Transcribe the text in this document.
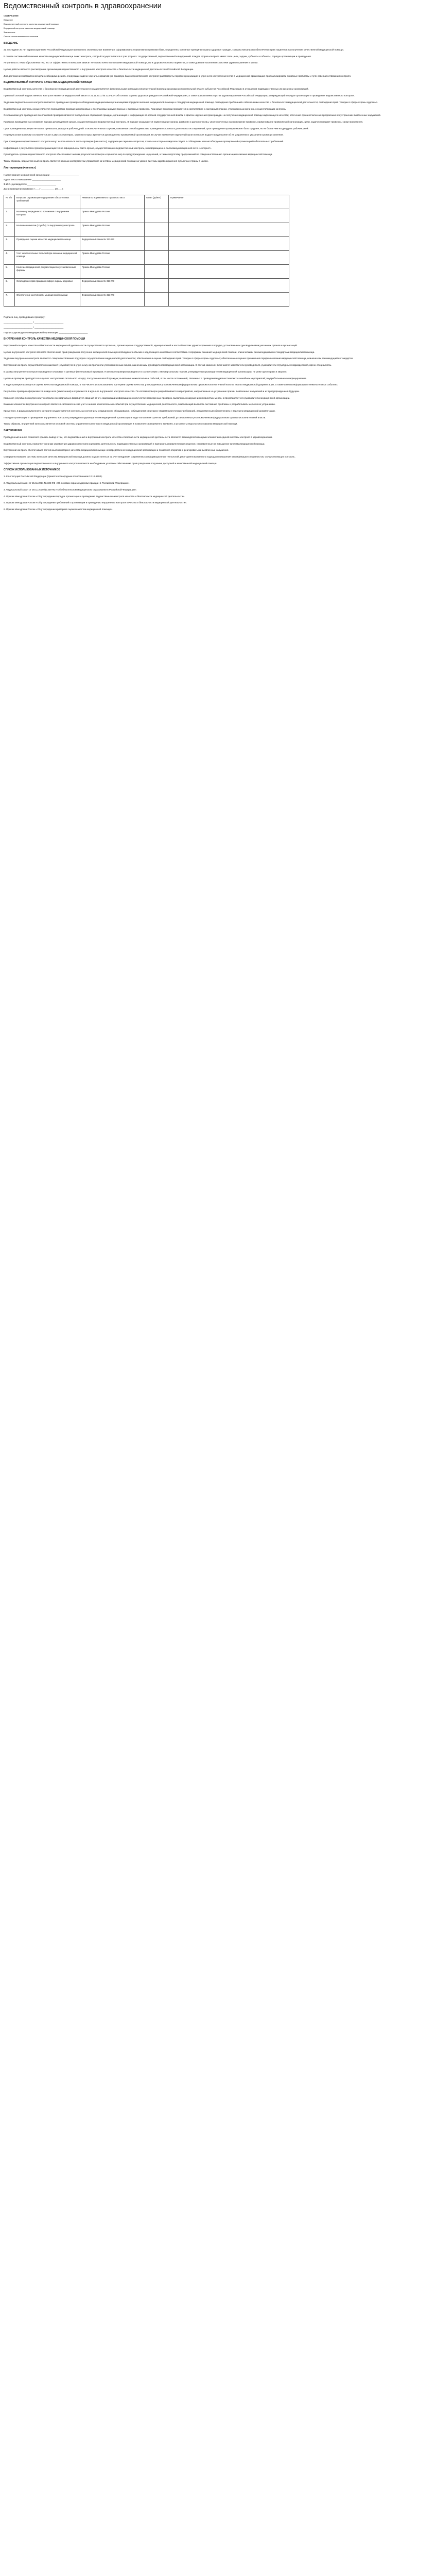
Ведомственный контроль в здравоохранении
СОДЕРЖАНИЕ
Введение
Ведомственный контроль качества медицинской помощи
Внутренний контроль качества медицинской помощи
Заключение
Список использованных источников
ВВЕДЕНИЕ

За последние 20 лет здравоохранение Российской Федерации претерпело значительные изменения: сформирована нормативная правовая база, определены основные принципы охраны здоровья граждан, созданы механизмы обеспечения прав пациентов на получение качественной медицинской помощи.

В основе системы обеспечения качества медицинской помощи лежит контроль, который осуществляется в трех формах: государственный, ведомственный и внутренний. Каждая форма контроля имеет свои цели, задачи, субъекты и объекты, порядок организации и проведения.

Актуальность темы обусловлена тем, что от эффективности контроля зависит не только качество оказания медицинской помощи, но и здоровье и жизнь пациентов, а также доверие населения к системе здравоохранения в целом.

Целью работы является рассмотрение организации ведомственного и внутреннего контроля качества и безопасности медицинской деятельности в Российской Федерации.

Для достижения поставленной цели необходимо решить следующие задачи: изучить нормативную правовую базу ведомственного контроля; рассмотреть порядок организации внутреннего контроля качества в медицинской организации; проанализировать основные проблемы и пути совершенствования контроля.

ВЕДОМСТВЕННЫЙ КОНТРОЛЬ КАЧЕСТВА МЕДИЦИНСКОЙ ПОМОЩИ

Ведомственный контроль качества и безопасности медицинской деятельности осуществляется федеральными органами исполнительной власти и органами исполнительной власти субъектов Российской Федерации в отношении подведомственных им органов и организаций.

Правовой основой ведомственного контроля являются Федеральный закон от 21.11.2011 № 323-ФЗ «Об основах охраны здоровья граждан в Российской Федерации», а также приказ Министерства здравоохранения Российской Федерации, утверждающий порядок организации и проведения ведомственного контроля.

Задачами ведомственного контроля являются: проведение проверок соблюдения медицинскими организациями порядков оказания медицинской помощи и стандартов медицинской помощи; соблюдения требований к обеспечению качества и безопасности медицинской деятельности; соблюдения прав граждан в сфере охраны здоровья.

Ведомственный контроль осуществляется посредством проведения плановых и внеплановых документарных и выездных проверок. Плановые проверки проводятся в соответствии с ежегодным планом, утвержденным органом, осуществляющим контроль.

Основаниями для проведения внеплановой проверки являются: поступление обращений граждан, организаций и информации от органов государственной власти о фактах нарушения прав граждан на получение медицинской помощи надлежащего качества; истечение срока исполнения предписания об устранении выявленных нарушений.

Проверка проводится на основании приказа руководителя органа, осуществляющего ведомственный контроль. В приказе указываются наименование органа, фамилии и должности лиц, уполномоченных на проведение проверки, наименование проверяемой организации, цели, задачи и предмет проверки, сроки проведения.

Срок проведения проверки не может превышать двадцати рабочих дней. В исключительных случаях, связанных с необходимостью проведения сложных и длительных исследований, срок проведения проверки может быть продлен, но не более чем на двадцать рабочих дней.

По результатам проверки составляется акт в двух экземплярах, один из которых вручается руководителю проверяемой организации. В случае выявления нарушений орган контроля выдает предписание об их устранении с указанием сроков устранения.

При проведении ведомственного контроля могут использоваться листы проверки (чек-листы), содержащие перечень вопросов, ответы на которые свидетельствуют о соблюдении или несоблюдении проверяемой организацией обязательных требований.

Информация о результатах проверок размещается на официальном сайте органа, осуществляющего ведомственный контроль, в информационно-телекоммуникационной сети «Интернет».

Руководитель органа ведомственного контроля обеспечивает анализ результатов проверок и принятие мер по предупреждению нарушений, а также подготовку предложений по совершенствованию организации оказания медицинской помощи.

Таким образом, ведомственный контроль является важным инструментом управления качеством медицинской помощи на уровне системы здравоохранения субъекта и страны в целом.

Лист проверки (чек-лист)
Наименование медицинской организации ______________________
Адрес места нахождения ______________________
Ф.И.О. руководителя ______________________
Дата проведения проверки «___» __________ 20___ г.
№ п/п	Вопросы, отражающие содержание обязательных требований	Реквизиты нормативного правового акта	Ответ (да/нет)	Примечание
1.	Наличие утвержденного положения о внутреннем контроле	Приказ Минздрава России		
2.	Наличие комиссии (службы) по внутреннему контролю	Приказ Минздрава России		
3.	Проведение оценки качества медицинской помощи	Федеральный закон № 323-ФЗ		
4.	Учет нежелательных событий при оказании медицинской помощи	Приказ Минздрава России		
5.	Наличие медицинской документации по установленным формам	Приказ Минздрава России		
6.	Соблюдение прав граждан в сфере охраны здоровья	Федеральный закон № 323-ФЗ		
7.	Обеспечение доступности медицинской помощи	Федеральный закон № 323-ФЗ		

Подписи лиц, проводивших проверку:

______________________ / ______________________

______________________ / ______________________

Подпись руководителя медицинской организации ______________________

ВНУТРЕННИЙ КОНТРОЛЬ КАЧЕСТВА МЕДИЦИНСКОЙ ПОМОЩИ

Внутренний контроль качества и безопасности медицинской деятельности осуществляется органами, организациями государственной, муниципальной и частной систем здравоохранения в порядке, установленном руководителями указанных органов и организаций.

Целью внутреннего контроля является обеспечение прав граждан на получение медицинской помощи необходимого объема и надлежащего качества в соответствии с порядками оказания медицинской помощи, клиническими рекомендациями и стандартами медицинской помощи.

Задачами внутреннего контроля являются: совершенствование подходов к осуществлению медицинской деятельности; обеспечение и оценка соблюдения прав граждан в сфере охраны здоровья; обеспечение и оценка применения порядков оказания медицинской помощи, клинических рекомендаций и стандартов.

Внутренний контроль осуществляется комиссией (службой) по внутреннему контролю или уполномоченным лицом, назначаемым руководителем медицинской организации. В состав комиссии включаются заместители руководителя, руководители структурных подразделений, врачи-специалисты.

В рамках внутреннего контроля проводятся плановые и целевые (внеплановые) проверки. Плановые проверки проводятся в соответствии с ежеквартальным планом, утвержденным руководителем медицинской организации, не реже одного раза в квартал.

Целевые проверки проводятся в случаях: наступления летального исхода; поступления жалоб граждан; выявления нежелательных событий, в том числе осложнений, связанных с проведением диагностических и лечебных мероприятий; внутрибольничного инфицирования.

В ходе проверки проводится оценка качества медицинской помощи, в том числе с использованием критериев оценки качества, утвержденных уполномоченным федеральным органом исполнительной власти, анализ медицинской документации, а также анализ информации о нежелательных событиях.

Результаты проверок оформляются в виде акта (заключения) и отражаются в журнале внутреннего контроля качества. По итогам проверок разрабатываются мероприятия, направленные на устранение причин выявленных нарушений и их предупреждение в будущем.

Комиссия (служба) по внутреннему контролю ежеквартально формирует сводный отчет, содержащий информацию о количестве проведенных проверок, выявленных нарушениях и принятых мерах, и представляет его руководителю медицинской организации.

Важным элементом внутреннего контроля является систематический учет и анализ нежелательных событий при осуществлении медицинской деятельности, позволяющий выявлять системные проблемы и разрабатывать меры по их устранению.

Кроме того, в рамках внутреннего контроля осуществляется контроль за состоянием медицинского оборудования, соблюдением санитарно-эпидемиологических требований, лекарственным обеспечением и ведением медицинской документации.

Порядок организации и проведения внутреннего контроля утверждается руководителем медицинской организации в виде положения с учетом требований, установленных уполномоченным федеральным органом исполнительной власти.

Таким образом, внутренний контроль является основой системы управления качеством в медицинской организации и позволяет своевременно выявлять и устранять недостатки в оказании медицинской помощи.

ЗАКЛЮЧЕНИЕ

Проведенный анализ позволяет сделать вывод о том, что ведомственный и внутренний контроль качества и безопасности медицинской деятельности являются взаимодополняющими элементами единой системы контроля в здравоохранении.

Ведомственный контроль позволяет органам управления здравоохранением оценивать деятельность подведомственных организаций и принимать управленческие решения, направленные на повышение качества медицинской помощи.

Внутренний контроль обеспечивает постоянный мониторинг качества медицинской помощи непосредственно в медицинской организации и позволяет оперативно реагировать на выявленные нарушения.

Совершенствование системы контроля качества медицинской помощи должно осуществляться за счет внедрения современных информационных технологий, риск-ориентированного подхода и повышения квалификации специалистов, осуществляющих контроль.

Эффективная организация ведомственного и внутреннего контроля является необходимым условием обеспечения прав граждан на получение доступной и качественной медицинской помощи.

СПИСОК ИСПОЛЬЗОВАННЫХ ИСТОЧНИКОВ

1. Конституция Российской Федерации (принята всенародным голосованием 12.12.1993).

2. Федеральный закон от 21.11.2011 № 323-ФЗ «Об основах охраны здоровья граждан в Российской Федерации».

3. Федеральный закон от 29.11.2010 № 326-ФЗ «Об обязательном медицинском страховании в Российской Федерации».

4. Приказ Минздрава России «Об утверждении порядка организации и проведения ведомственного контроля качества и безопасности медицинской деятельности».

5. Приказ Минздрава России «Об утверждении требований к организации и проведению внутреннего контроля качества и безопасности медицинской деятельности».

6. Приказ Минздрава России «Об утверждении критериев оценки качества медицинской помощи».
